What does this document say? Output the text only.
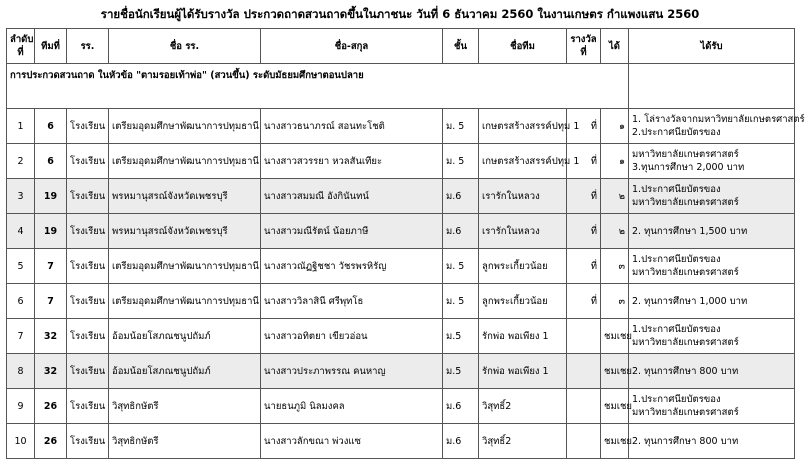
รายชื่อนักเรียนผู้ได้รับรางวัล ประกวดถาดสวนถาดขึ้นในภาชนะ วันที่ 6 ธันวาคม 2560 ในงานเกษตร กำแพงแสน 2560
ลำดับที่	ทีมที่	รร.	ชื่อ รร.	ชื่อ-สกุล	ชั้น	ชื่อทีม	รางวัลที่	ได้	ได้รับ
การประกวดสวนถาด ในหัวข้อ "ตามรอยเท้าพ่อ" (สวนขึ้น) ระดับมัธยมศึกษาตอนปลาย									
1	6	โรงเรียน	เตรียมอุดมศึกษาพัฒนาการปทุมธานี	นางสาวธนาภรณ์ สอนทะโชติ	ม. 5	เกษตรสร้างสรรค์ปทุม 1	ที่	๑	1. โล่รางวัลจากมหาวิทยาลัยเกษตรศาสตร์
2.ประกาศนียบัตรของ

2	6	โรงเรียน	เตรียมอุดมศึกษาพัฒนาการปทุมธานี	นางสาวสวรรยา หวลสันเทียะ	ม. 5	เกษตรสร้างสรรค์ปทุม 1	ที่	๑	มหาวิทยาลัยเกษตรศาสตร์
3.ทุนการศึกษา 2,000 บาท

3	19	โรงเรียน	พรหมานุสรณ์จังหวัดเพชรบุรี	นางสาวสมมณี อังกินันทน์	ม.6	เรารักในหลวง	ที่	๒	1.ประกาศนียบัตรของ
มหาวิทยาลัยเกษตรศาสตร์

4	19	โรงเรียน	พรหมานุสรณ์จังหวัดเพชรบุรี	นางสาวมณีรัตน์ น้อยภาษี	ม.6	เรารักในหลวง	ที่	๒	2. ทุนการศึกษา 1,500 บาท

5	7	โรงเรียน	เตรียมอุดมศึกษาพัฒนาการปทุมธานี	นางสาวณัฏฐิชชา วัชรพรหิรัญ	ม. 5	ลูกพระเกี้ยวน้อย	ที่	๓	1.ประกาศนียบัตรของ
มหาวิทยาลัยเกษตรศาสตร์

6	7	โรงเรียน	เตรียมอุดมศึกษาพัฒนาการปทุมธานี	นางสาววิลาสินี ศรีพุทโธ	ม. 5	ลูกพระเกี้ยวน้อย	ที่	๓	2. ทุนการศึกษา 1,000 บาท

7	32	โรงเรียน	อ้อมน้อยโสภณชนูปถัมภ์	นางสาวอทิตยา เขียวอ่อน	ม.5	รักพ่อ พอเพียง 1		ชมเชย	1.ประกาศนียบัตรของ
มหาวิทยาลัยเกษตรศาสตร์

8	32	โรงเรียน	อ้อมน้อยโสภณชนูปถัมภ์	นางสาวประภาพรรณ คนหาญ	ม.5	รักพ่อ พอเพียง 1		ชมเชย	2. ทุนการศึกษา 800 บาท

9	26	โรงเรียน	วิสุทธิกษัตรี	นายธนภูมิ นิลมงคล	ม.6	วิสุทธิ์2		ชมเชย	1.ประกาศนียบัตรของ
มหาวิทยาลัยเกษตรศาสตร์

10	26	โรงเรียน	วิสุทธิกษัตรี	นางสาวลักขณา พ่วงแซ	ม.6	วิสุทธิ์2		ชมเชย	2. ทุนการศึกษา 800 บาท
